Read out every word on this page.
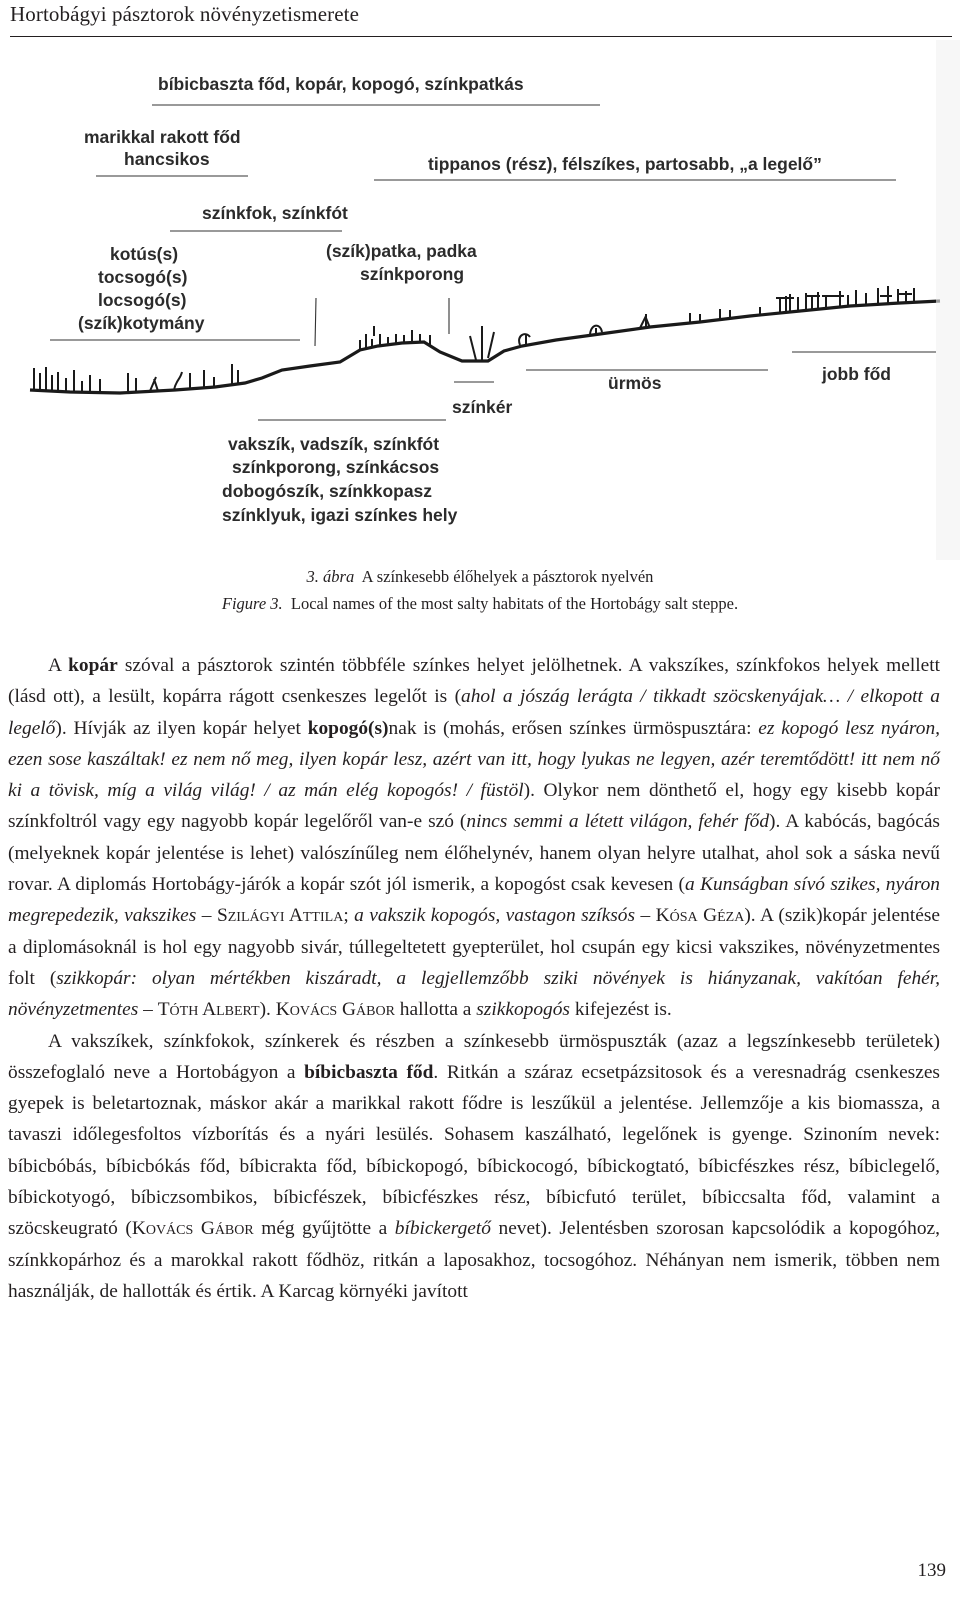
Hortobágyi pásztorok növényzetismerete
bíbicbaszta főd, kopár, kopogó, színkpatkás
marikkal rakott főd
hancsikos	tippanos (rész), félszíkes, partosabb, „a legelő”
színkfok, színkfót
kotús(s)
tocsogó(s)
locsogó(s)
(szík)kotymány
(szík)patka, padka
színkporong
ürmös	jobb főd
színkér
vakszík, vadszík, színkfót
színkporong, színkácsos
dobogószík, színkkopasz
színklyuk, igazi színkes hely
3. ábra A színkesebb élőhelyek a pásztorok nyelvén
Figure 3. Local names of the most salty habitats of the Hortobágy salt steppe.

A kopár szóval a pásztorok szintén többféle színkes helyet jelölhetnek. A vakszíkes, színkfokos helyek mellett (lásd ott), a lesült, kopárra rágott csenkeszes legelőt is (ahol a jószág lerágta / tikkadt szöcskenyájak… / elkopott a legelő). Hívják az ilyen kopár helyet kopogó(s)nak is (mohás, erősen színkes ürmöspusztára: ez kopogó lesz nyáron, ezen sose kaszáltak! ez nem nő meg, ilyen kopár lesz, azért van itt, hogy lyukas ne legyen, azér teremtődött! itt nem nő ki a tövisk, míg a világ világ! / az mán elég kopogós! / füstöl). Olykor nem dönthető el, hogy egy kisebb kopár színkfoltról vagy egy nagyobb kopár legelőről van-e szó (nincs semmi a létett világon, fehér főd). A kabócás, bagócás (melyeknek kopár jelentése is lehet) valószínűleg nem élőhelynév, hanem olyan helyre utalhat, ahol sok a sáska nevű rovar. A diplomás Hortobágy-járók a kopár szót jól ismerik, a kopogóst csak kevesen (a Kunságban sívó szikes, nyáron megrepedezik, vakszikes – Szilágyi Attila; a vakszik kopogós, vastagon szíksós – Kósa Géza). A (szik)kopár jelentése a diplomásoknál is hol egy nagyobb sivár, túllegeltetett gyepterület, hol csupán egy kicsi vakszikes, növényzetmentes folt (szikkopár: olyan mértékben kiszáradt, a legjellemzőbb sziki növények is hiányzanak, vakítóan fehér, növényzetmentes – Tóth Albert). Kovács Gábor hallotta a szikkopogós kifejezést is.

A vakszíkek, színkfokok, színkerek és részben a színkesebb ürmöspuszták (azaz a legszínkesebb területek) összefoglaló neve a Hortobágyon a bíbicbaszta főd. Ritkán a száraz ecsetpázsitosok és a veresnadrág csenkeszes gyepek is beletartoznak, máskor akár a marikkal rakott fődre is leszűkül a jelentése. Jellemzője a kis biomassza, a tavaszi időlegesfoltos vízborítás és a nyári lesülés. Sohasem kaszálható, legelőnek is gyenge. Szinoním nevek: bíbicbóbás, bíbicbókás főd, bíbicrakta főd, bíbickopogó, bíbickocogó, bíbickogtató, bíbicfészkes rész, bíbiclegelő, bíbickotyogó, bíbiczsombikos, bíbicfészek, bíbicfészkes rész, bíbicfutó terület, bíbiccsalta főd, valamint a szöcskeugrató (Kovács Gábor még gyűjtötte a bíbickergető nevet). Jelentésben szorosan kapcsolódik a kopogóhoz, színkkopárhoz és a marokkal rakott fődhöz, ritkán a laposakhoz, tocsogóhoz. Néhányan nem ismerik, többen nem használják, de hallották és értik. A Karcag környéki javított

139
